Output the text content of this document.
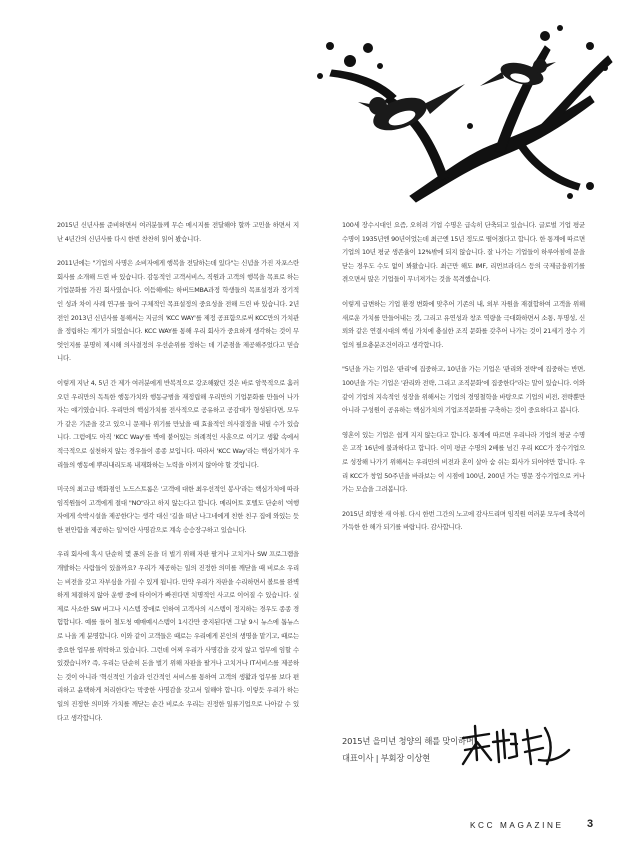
2015년 신년사를 준비하면서 여러분들께 무슨 메시지를 전달해야 할까 고민을 하면서 지난 4년간의 신년사를 다시 한번 찬찬히 읽어 봤습니다.

2011년에는 "기업의 사명은 소비자에게 행복을 전달하는데 있다"는 신념을 가진 자포스란 회사를 소개해 드린 바 있습니다. 감동적인 고객서비스, 직원과 고객의 행복을 목표로 하는 기업문화를 가진 회사였습니다. 이듬해에는 하버드MBA과정 학생들의 목표설정과 장기적인 성과 차이 사례 연구를 들어 구체적인 목표설정의 중요성을 전해 드린 바 있습니다. 2년 전인 2013년 신년사를 통해서는 지금의 'KCC WAY'를 제정 공표함으로써 KCC만의 가치관을 정립하는 계기가 되었습니다. KCC WAY를 통해 우리 회사가 중요하게 생각하는 것이 무엇인지를 분명히 제시해 의사결정의 우선순위를 정하는 데 기준점을 제공해주었다고 믿습니다.

이렇게 지난 4, 5년 간 제가 여러분에게 반복적으로 강조해왔던 것은 바로 암묵적으로 흘러오던 우리만의 독특한 행동가치와 행동규범을 재정립해 우리만의 기업문화를 만들어 나가자는 얘기였습니다. 우리만의 핵심가치를 전사적으로 공유하고 공감대가 형성된다면, 모두가 같은 기준을 갖고 있으니 문제나 위기를 만났을 때 효율적인 의사결정을 내릴 수가 있습니다. 그럼에도 아직 'KCC Way'를 벽에 붙어있는 의례적인 사훈으로 여기고 생활 속에서 적극적으로 실천하지 않는 경우들이 종종 보입니다. 따라서 'KCC Way'라는 핵심가치가 우리들의 행동에 뿌리내리도록 내재화하는 노력을 아끼지 않아야 할 것입니다.

미국의 최고급 백화점인 노드스트롬은 '고객에 대한 최우선적인 봉사'라는 핵심가치에 따라 임직원들이 고객에게 절대 "NO"라고 하지 않는다고 합니다. 메리어트 호텔도 단순히 '여행자에게 숙박시설을 제공한다'는 생각 대신 '길을 떠난 나그네에게 친한 친구 집에 와있는 듯한 편안함을 제공하는 일'이란 사명감으로 계속 승승장구하고 있습니다.

우리 회사에 혹시 단순히 몇 푼의 돈을 더 벌기 위해 자판 팔거나 고치거나 SW 프로그램을 개발하는 사람들이 있을까요? 우리가 제공하는 일의 진정한 의미를 깨닫을 때 비로소 우리는 비전을 갖고 자부심을 가질 수 있게 됩니다. 만약 우리가 자판을 수리하면서 볼트를 완벽하게 체결하지 않아 운행 중에 타이어가 빠진다면 치명적인 사고로 이어질 수 있습니다. 실제로 사소한 SW 버그나 시스템 장애로 인하여 고객사의 시스템이 정지하는 경우도 종종 경험합니다. 예를 들어 철도청 예매예시스템이 1시간만 중지된다면 그날 9시 뉴스에 톱뉴스로 나올 게 분명합니다. 이와 같이 고객들은 때로는 우리에게 본인의 생명을 맡기고, 때로는 중요한 업무를 위탁하고 있습니다. 그런데 어찌 우리가 사명감을 갖지 않고 업무에 임할 수 있겠습니까? 즉, 우리는 단순히 돈을 벌기 위해 자판을 팔거나 고치거나 IT서비스를 제공하는 것이 아니라 '혁신적인 기술과 인간적인 서비스를 통하여 고객의 생활과 업무를 보다 편리하고 윤택하게 처리한다'는 막중한 사명감을 갖고서 일해야 합니다. 이렇듯 우리가 하는 일의 진정한 의미와 가치를 깨닫는 순간 비로소 우리는 진정한 일류기업으로 나아갈 수 있다고 생각합니다.

100세 장수시대인 요즘, 오히려 기업 수명은 급속히 단축되고 있습니다. 글로벌 기업 평균 수명이 1935년엔 90년이었는데 최근엔 15년 정도로 떨어졌다고 합니다. 한 통계에 따르면 기업의 10년 평균 생존율이 12%밖에 되지 않습니다. 잘 나가는 기업들이 하루아침에 문을 닫는 경우도 수도 없이 봐왔습니다. 최근만 해도 IMF, 리먼브라더스 등의 국제금융위기를 겪으면서 많은 기업들이 무너져가는 것을 목격했습니다.

이렇게 급변하는 기업 환경 변화에 맞추어 기존의 내, 외부 자원을 재결합하여 고객을 위해 새로운 가치를 만들어내는 것, 그리고 유연성과 창조 역량을 극대화하면서 소통, 투명성, 신뢰와 같은 연결시대의 핵심 가치에 충실한 조직 문화를 갖추어 나가는 것이 21세기 장수 기업의 필요충분조건이라고 생각합니다.

"5년을 가는 기업은 '관리'에 집중하고, 10년을 가는 기업은 '관리와 전략'에 집중하는 반면, 100년을 가는 기업은 '관리와 전략, 그리고 조직문화'에 집중한다"라는 말이 있습니다. 이와 같이 기업의 지속적인 성장을 위해서는 기업의 경영철학을 바탕으로 기업의 비전, 전략뿐만 아니라 구성원이 공유하는 핵심가치의 기업조직문화를 구축하는 것이 중요하다고 봅니다.

영혼이 있는 기업은 쉽게 지지 않는다고 합니다. 통계에 따르면 우리나라 기업의 평균 수명은 고작 16년에 불과하다고 합니다. 이미 평균 수명의 2배를 넘긴 우리 KCC가 장수기업으로 성장해 나가기 위해서는 우리만의 비전과 혼이 살아 숨 쉬는 회사가 되어야만 합니다. 우리 KCC가 창업 50주년을 바라보는 이 시점에 100년, 200년 가는 명문 장수기업으로 커나가는 모습을 그려봅니다.

2015년 희망찬 새 아침. 다시 한번 그간의 노고에 감사드리며 임직원 여러분 모두에 축복이 가득한 한 해가 되기를 바랍니다. 감사합니다.

2015년 을미년 청양의 해를 맞이하며
대표이사 | 부회장 이상현
KCC MAGAZINE 3
